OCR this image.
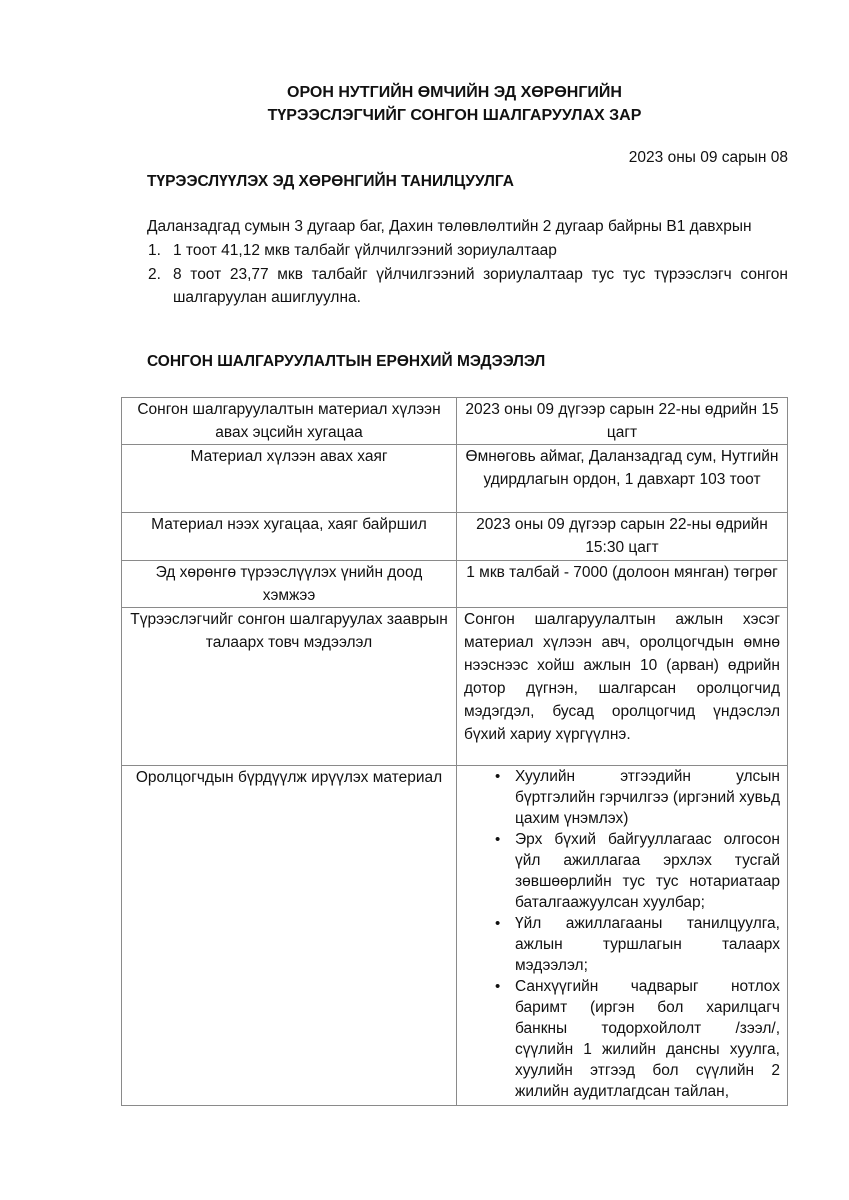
ОРОН НУТГИЙН ӨМЧИЙН ЭД ХӨРӨНГИЙН
ТҮРЭЭСЛЭГЧИЙГ СОНГОН ШАЛГАРУУЛАХ ЗАР
2023 оны 09 сарын 08
ТҮРЭЭСЛҮҮЛЭХ ЭД ХӨРӨНГИЙН ТАНИЛЦУУЛГА

Даланзадгад сумын 3 дугаар баг, Дахин төлөвлөлтийн 2 дугаар байрны B1 давхрын

1. 1 тоот 41,12 мкв талбайг үйлчилгээний зориулалтаар
2. 8 тоот 23,77 мкв талбайг үйлчилгээний зориулалтаар тус тус түрээслэгч сонгон шалгаруулан ашиглуулна.
СОНГОН ШАЛГАРУУЛАЛТЫН ЕРӨНХИЙ МЭДЭЭЛЭЛ
Сонгон шалгаруулалтын материал хүлээн авах эцсийн хугацаа	2023 оны 09 дүгээр сарын 22-ны өдрийн 15 цагт
Материал хүлээн авах хаяг	Өмнөговь аймаг, Даланзадгад сум, Нутгийн удирдлагын ордон, 1 давхарт 103 тоот
Материал нээх хугацаа, хаяг байршил	2023 оны 09 дүгээр сарын 22-ны өдрийн 15:30 цагт
Эд хөрөнгө түрээслүүлэх үнийн доод хэмжээ	1 мкв талбай - 7000 (долоон мянган) төгрөг
Түрээслэгчийг сонгон шалгаруулах зааврын талаарх товч мэдээлэл	Сонгон шалгаруулалтын ажлын хэсэг материал хүлээн авч, оролцогчдын өмнө нээснээс хойш ажлын 10 (арван) өдрийн дотор дүгнэн, шалгарсан оролцогчид мэдэгдэл, бусад оролцогчид үндэслэл бүхий хариу хүргүүлнэ.
Оролцогчдын бүрдүүлж ирүүлэх материал	• Хуулийн этгээдийн улсын бүртгэлийн гэрчилгээ (иргэний хувьд цахим үнэмлэх)
• Эрх бүхий байгууллагаас олгосон үйл ажиллагаа эрхлэх тусгай зөвшөөрлийн тус тус нотариатаар баталгаажуулсан хуулбар;
• Үйл ажиллагааны танилцуулга, ажлын туршлагын талаарх мэдээлэл;
• Санхүүгийн чадварыг нотлох баримт (иргэн бол харилцагч банкны тодорхойлолт /зээл/, сүүлийн 1 жилийн дансны хуулга, хуулийн этгээд бол сүүлийн 2 жилийн аудитлагдсан тайлан,
